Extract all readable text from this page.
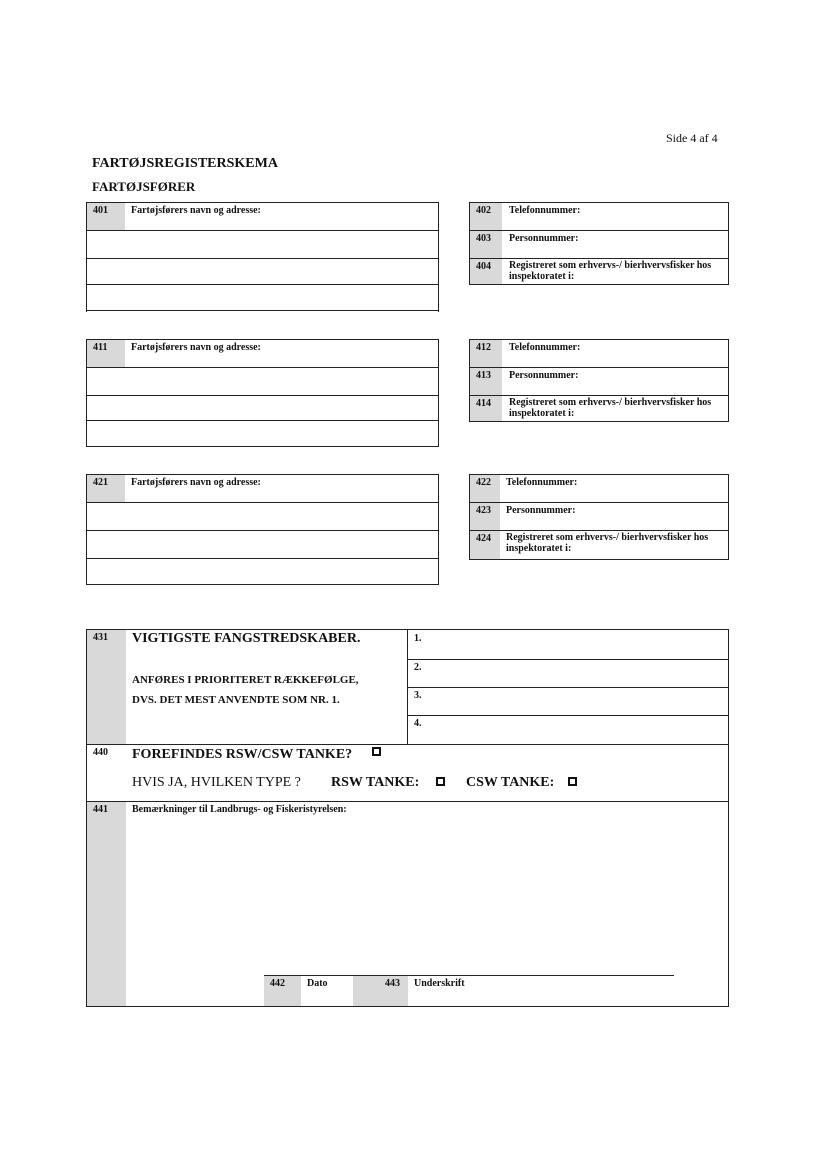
Side 4 af 4
FARTØJSREGISTERSKEMA
FARTØJSFØRER
401	Fartøjsførers navn og adresse:	402	Telefonnummer:
403	Personnummer:
404	Registreret som erhvervs-/ bierhvervsfisker hos
inspektoratet i:
411	Fartøjsførers navn og adresse:	412	Telefonnummer:
413	Personnummer:
414	Registreret som erhvervs-/ bierhvervsfisker hos
inspektoratet i:
421	Fartøjsførers navn og adresse:	422	Telefonnummer:
423	Personnummer:
424	Registreret som erhvervs-/ bierhvervsfisker hos
inspektoratet i:
431 VIGTIGSTE FANGSTREDSKABER.
ANFØRES I PRIORITERET RÆKKEFØLGE,
DVS. DET MEST ANVENDTE SOM NR. 1.
1.
2.
3.
4.
440 FOREFINDES RSW/CSW TANKE?
HVIS JA, HVILKEN TYPE ? RSW TANKE:	CSW TANKE:
441 Bemærkninger til Landbrugs- og Fiskeristyrelsen:
442	Dato	443	Underskrift
